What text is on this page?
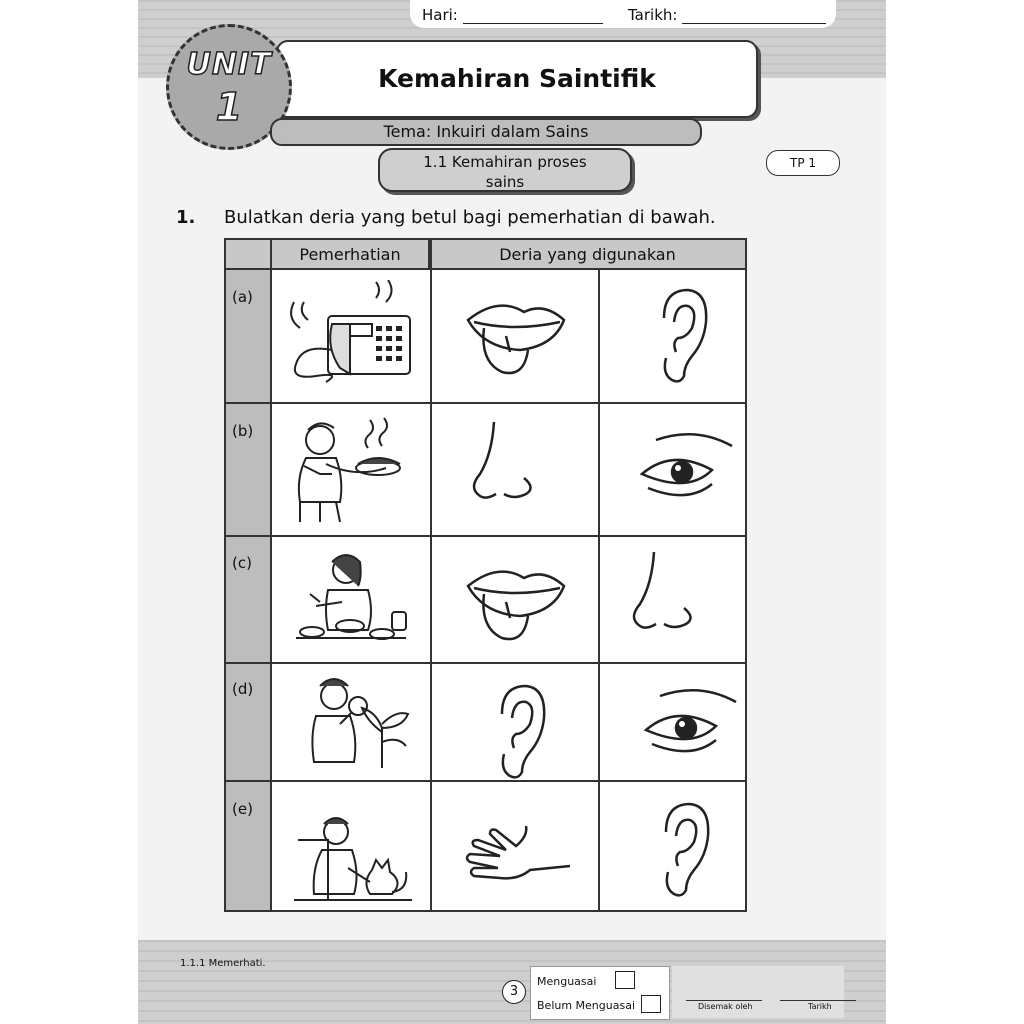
Hari:	Tarikh:
Kemahiran Saintifik
UNIT
1
Tema: Inkuiri dalam Sains
1.1 Kemahiran proses
sains
TP 1
1. Bulatkan deria yang betul bagi pemerhatian di bawah.
Pemerhatian	Deria yang digunakan
(a)
(b)
(c)
(d)
(e)
1.1.1 Memerhati.
3
Menguasai
Belum Menguasai	Disemak oleh	Tarikh
